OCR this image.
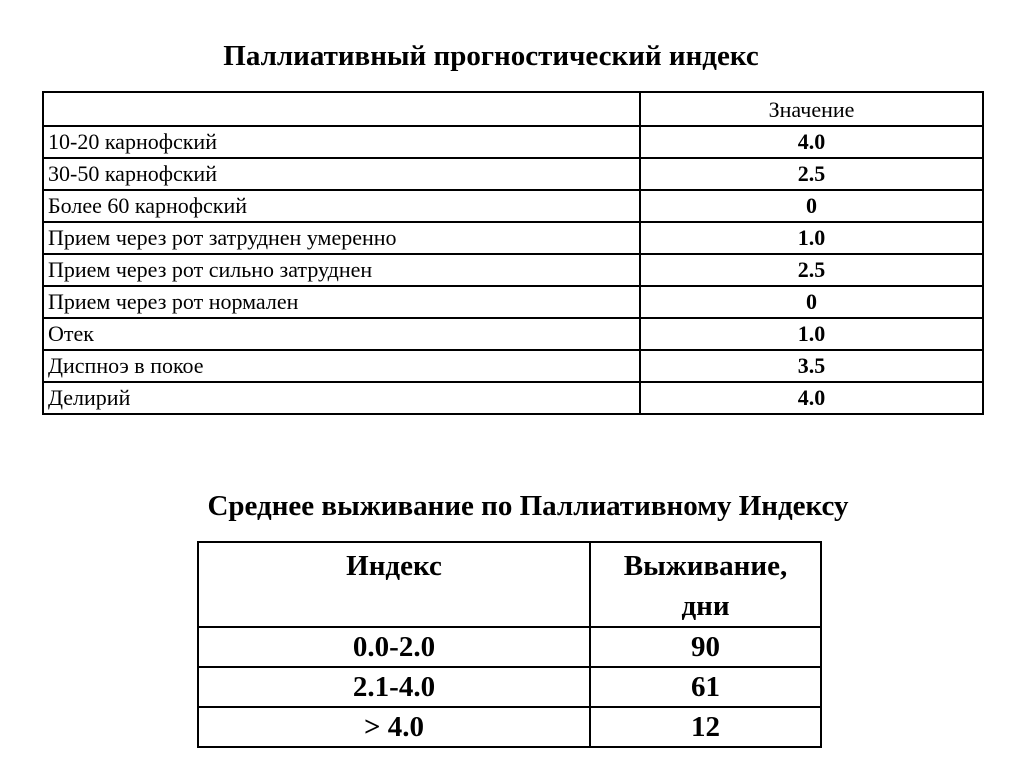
Паллиативный прогностический индекс
	Значение
10-20 карнофский	4.0
30-50 карнофский	2.5
Более 60 карнофский	0
Прием через рот затруднен умеренно	1.0
Прием через рот сильно затруднен	2.5
Прием через рот нормален	0
Отек	1.0
Диспноэ в покое	3.5
Делирий	4.0
Среднее выживание по Паллиативному Индексу
Индекс	Выживание,
дни

0.0-2.0	90
2.1-4.0	61
> 4.0	12
